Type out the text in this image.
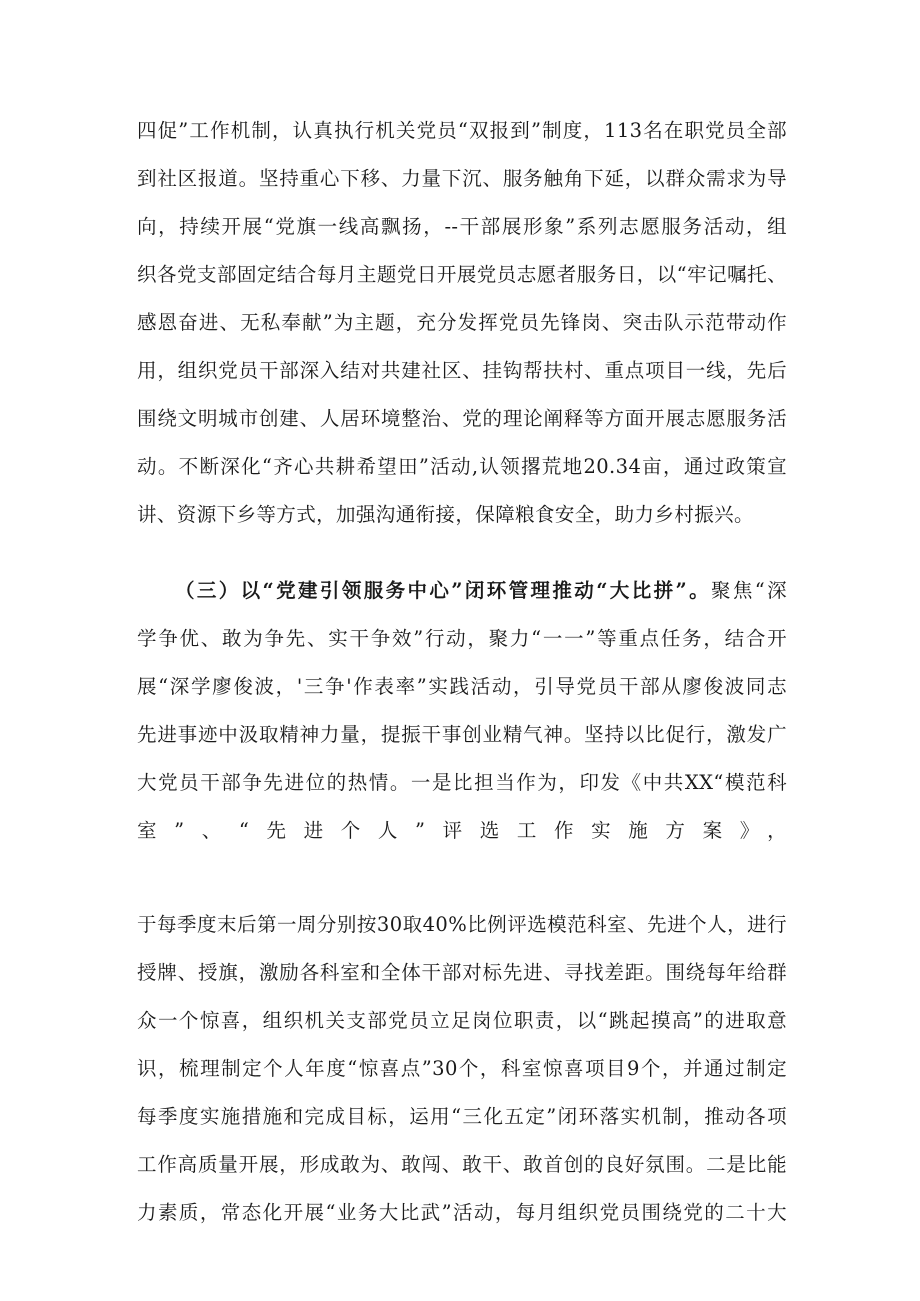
四促”工作机制，认真执行机关党员“双报到”制度，113名在职党员全部
到社区报道。坚持重心下移、力量下沉、服务触角下延，以群众需求为导
向，持续开展“党旗一线高飘扬，--干部展形象”系列志愿服务活动，组
织各党支部固定结合每月主题党日开展党员志愿者服务日，以“牢记嘱托、
感恩奋进、无私奉献”为主题，充分发挥党员先锋岗、突击队示范带动作
用，组织党员干部深入结对共建社区、挂钩帮扶村、重点项目一线，先后
围绕文明城市创建、人居环境整治、党的理论阐释等方面开展志愿服务活
动。不断深化“齐心共耕希望田”活动,认领撂荒地20.34亩，通过政策宣
讲、资源下乡等方式，加强沟通衔接，保障粮食安全，助力乡村振兴。
（三）以“党建引领服务中心”闭环管理推动“大比拼”。聚焦“深
学争优、敢为争先、实干争效”行动，聚力“一一”等重点任务，结合开
展“深学廖俊波，'三争'作表率”实践活动，引导党员干部从廖俊波同志
先进事迹中汲取精神力量，提振干事创业精气神。坚持以比促行，激发广
大党员干部争先进位的热情。一是比担当作为，印发《中共XX“模范科
室”、“先进个人”评选工作实施方案》，
于每季度末后第一周分别按30取40%比例评选模范科室、先进个人，进行
授牌、授旗，激励各科室和全体干部对标先进、寻找差距。围绕每年给群
众一个惊喜，组织机关支部党员立足岗位职责，以“跳起摸高”的进取意
识，梳理制定个人年度“惊喜点”30个，科室惊喜项目9个，并通过制定
每季度实施措施和完成目标，运用“三化五定”闭环落实机制，推动各项
工作高质量开展，形成敢为、敢闯、敢干、敢首创的良好氛围。二是比能
力素质，常态化开展“业务大比武”活动，每月组织党员围绕党的二十大
